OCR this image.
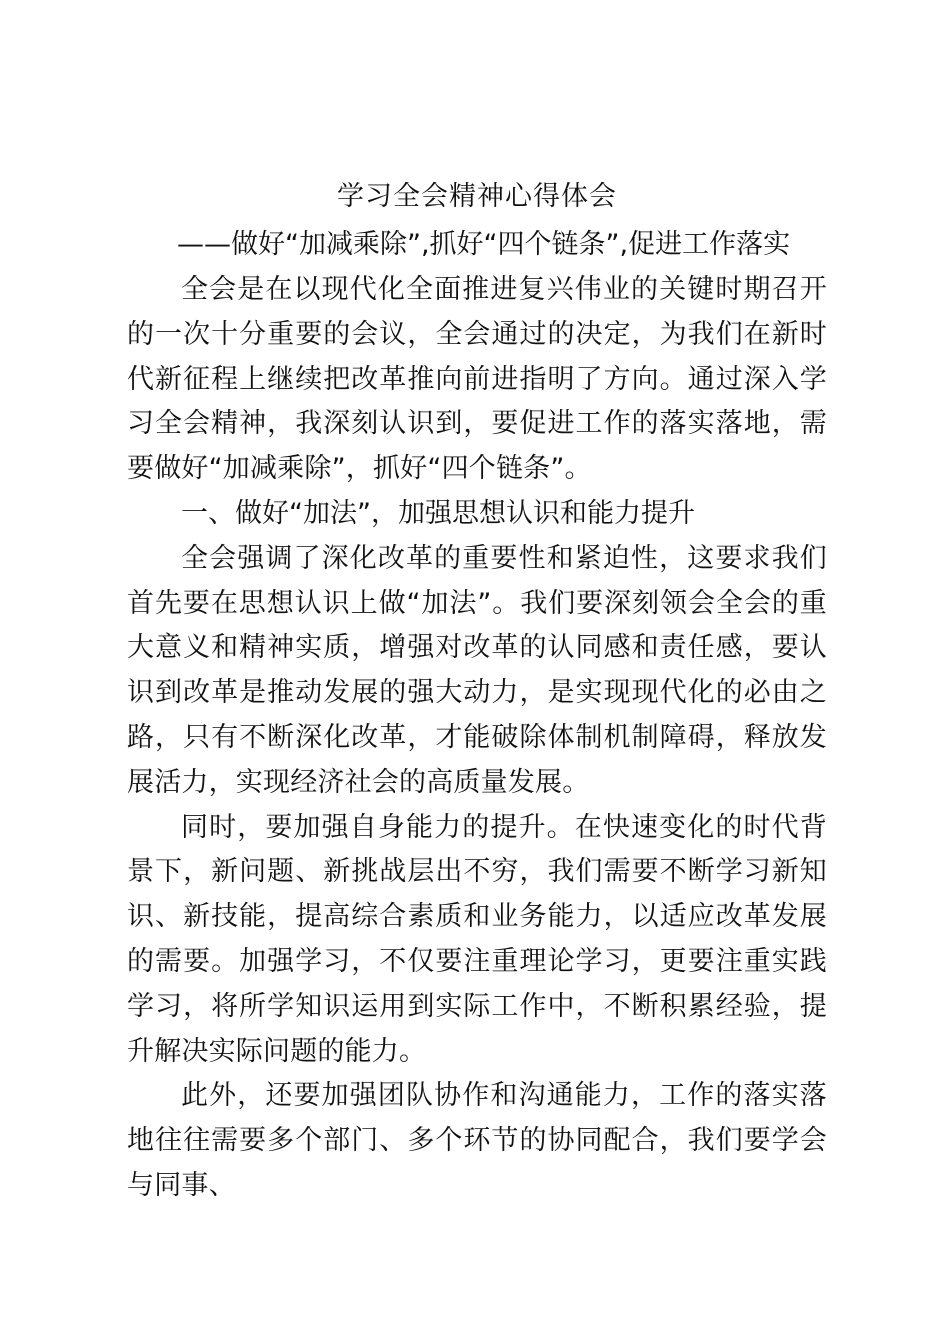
学习全会精神心得体会

——做好“加减乘除”,抓好“四个链条”,促进工作落实

全会是在以现代化全面推进复兴伟业的关键时期召开的一次十分重要的会议，全会通过的决定，为我们在新时代新征程上继续把改革推向前进指明了方向。通过深入学习全会精神，我深刻认识到，要促进工作的落实落地，需要做好“加减乘除”，抓好“四个链条”。

一、做好“加法”，加强思想认识和能力提升

全会强调了深化改革的重要性和紧迫性，这要求我们首先要在思想认识上做“加法”。我们要深刻领会全会的重大意义和精神实质，增强对改革的认同感和责任感，要认识到改革是推动发展的强大动力，是实现现代化的必由之路，只有不断深化改革，才能破除体制机制障碍，释放发展活力，实现经济社会的高质量发展。

同时，要加强自身能力的提升。在快速变化的时代背景下，新问题、新挑战层出不穷，我们需要不断学习新知识、新技能，提高综合素质和业务能力，以适应改革发展的需要。加强学习，不仅要注重理论学习，更要注重实践学习，将所学知识运用到实际工作中，不断积累经验，提升解决实际问题的能力。

此外，还要加强团队协作和沟通能力，工作的落实落地往往需要多个部门、多个环节的协同配合，我们要学会与同事、
